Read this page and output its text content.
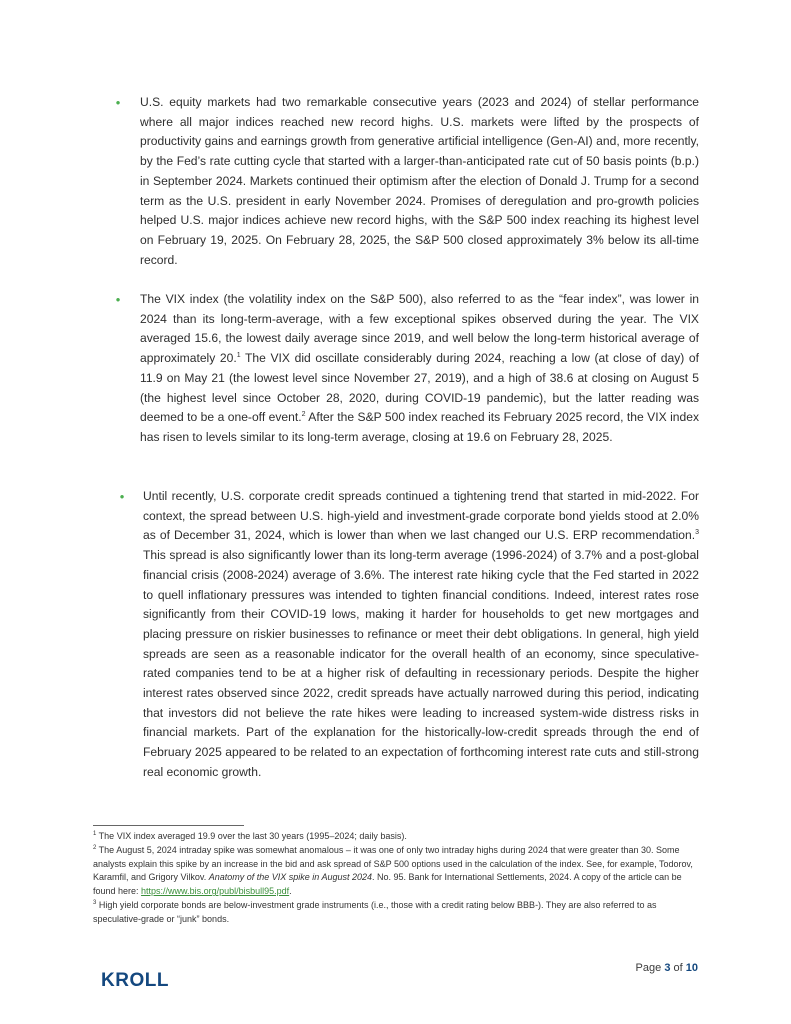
• U.S. equity markets had two remarkable consecutive years (2023 and 2024) of stellar performance where all major indices reached new record highs. U.S. markets were lifted by the prospects of productivity gains and earnings growth from generative artificial intelligence (Gen-AI) and, more recently, by the Fed’s rate cutting cycle that started with a larger-than-anticipated rate cut of 50 basis points (b.p.) in September 2024. Markets continued their optimism after the election of Donald J. Trump for a second term as the U.S. president in early November 2024. Promises of deregulation and pro-growth policies helped U.S. major indices achieve new record highs, with the S&P 500 index reaching its highest level on February 19, 2025. On February 28, 2025, the S&P 500 closed approximately 3% below its all-time record.

• The VIX index (the volatility index on the S&P 500), also referred to as the “fear index”, was lower in 2024 than its long-term-average, with a few exceptional spikes observed during the year. The VIX averaged 15.6, the lowest daily average since 2019, and well below the long-term historical average of approximately 20.$^1$ The VIX did oscillate considerably during 2024, reaching a low (at close of day) of 11.9 on May 21 (the lowest level since November 27, 2019), and a high of 38.6 at closing on August 5 (the highest level since October 28, 2020, during COVID-19 pandemic), but the latter reading was deemed to be a one-off event.$^2$ After the S&P 500 index reached its February 2025 record, the VIX index has risen to levels similar to its long-term average, closing at 19.6 on February 28, 2025.

• Until recently, U.S. corporate credit spreads continued a tightening trend that started in mid-2022. For context, the spread between U.S. high-yield and investment-grade corporate bond yields stood at 2.0% as of December 31, 2024, which is lower than when we last changed our U.S. ERP recommendation.$^3$ This spread is also significantly lower than its long-term average (1996-2024) of 3.7% and a post-global financial crisis (2008-2024) average of 3.6%. The interest rate hiking cycle that the Fed started in 2022 to quell inflationary pressures was intended to tighten financial conditions. Indeed, interest rates rose significantly from their COVID-19 lows, making it harder for households to get new mortgages and placing pressure on riskier businesses to refinance or meet their debt obligations. In general, high yield spreads are seen as a reasonable indicator for the overall health of an economy, since speculative-rated companies tend to be at a higher risk of defaulting in recessionary periods. Despite the higher interest rates observed since 2022, credit spreads have actually narrowed during this period, indicating that investors did not believe the rate hikes were leading to increased system-wide distress risks in financial markets. Part of the explanation for the historically-low-credit spreads through the end of February 2025 appeared to be related to an expectation of forthcoming interest rate cuts and still-strong real economic growth.

$^1$ The VIX index averaged 19.9 over the last 30 years (1995–2024; daily basis).

$^2$ The August 5, 2024 intraday spike was somewhat anomalous – it was one of only two intraday highs during 2024 that were greater than 30. Some analysts explain this spike by an increase in the bid and ask spread of S&P 500 options used in the calculation of the index. See, for example, Todorov, Karamfil, and Grigory Vilkov. Anatomy of the VIX spike in August 2024. No. 95. Bank for International Settlements, 2024. A copy of the article can be found here: https://www.bis.org/publ/bisbull95.pdf.

$^3$ High yield corporate bonds are below-investment grade instruments (i.e., those with a credit rating below BBB-). They are also referred to as speculative-grade or “junk” bonds.

KROLL
Page 3 of 10
